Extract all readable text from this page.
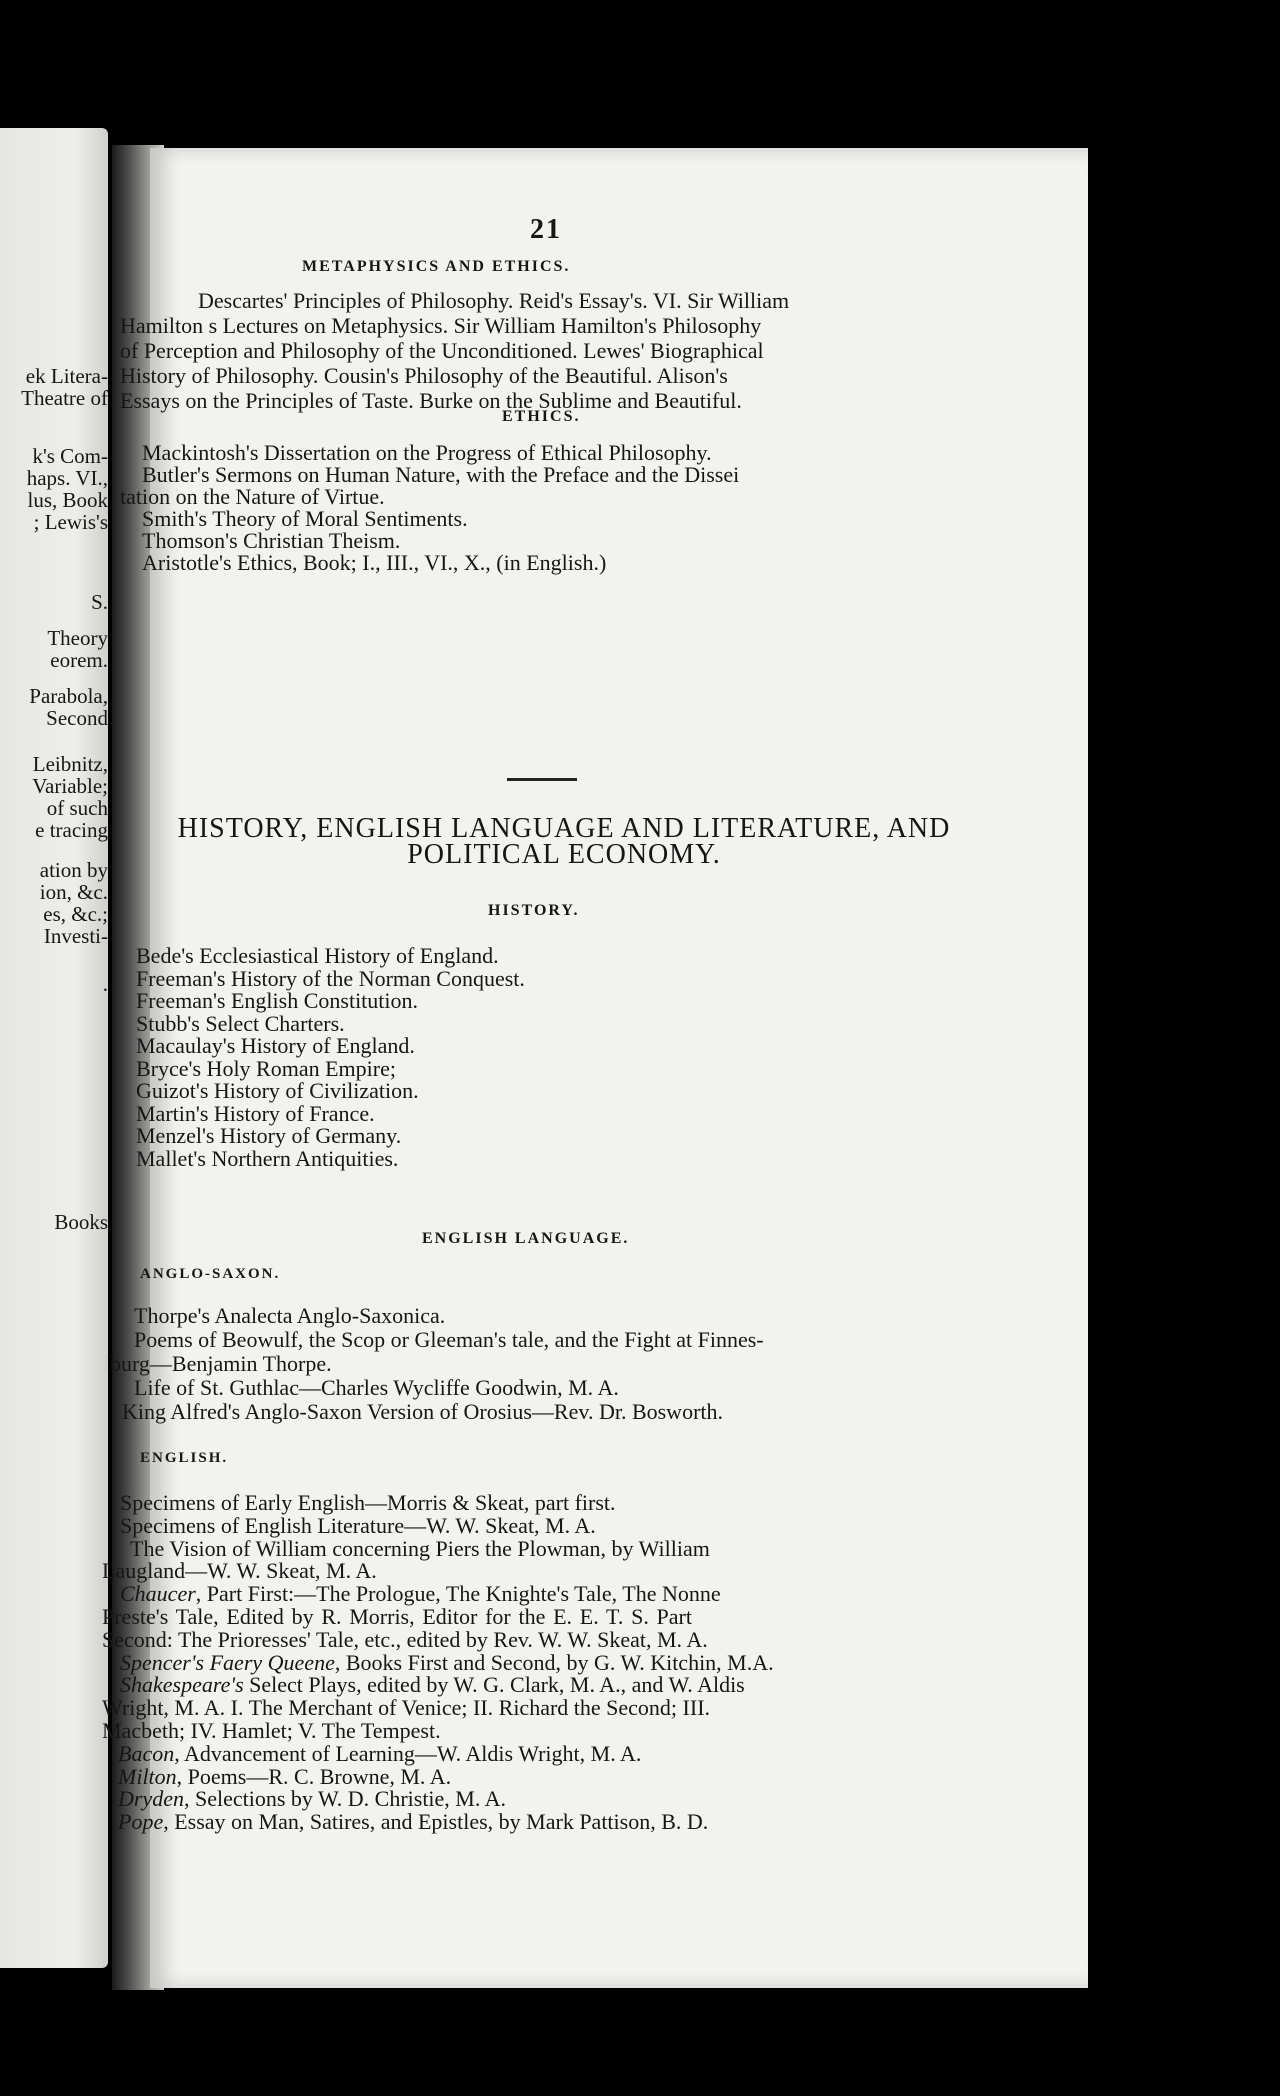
ek Litera-
Theatre of
k's Com-
haps. VI.,
lus, Book
; Lewis's
S.
Theory
eorem.
Parabola,
Second
Leibnitz,
Variable;
of such
e tracing
ation by
ion, &c.
es, &c.;
Investi-
.
Books
21
METAPHYSICS AND ETHICS.
Descartes' Principles of Philosophy. Reid's Essay's. VI. Sir William
Hamilton s Lectures on Metaphysics. Sir William Hamilton's Philosophy
of Perception and Philosophy of the Unconditioned. Lewes' Biographical
History of Philosophy. Cousin's Philosophy of the Beautiful. Alison's
Essays on the Principles of Taste. Burke on the Sublime and Beautiful.
ETHICS.
Mackintosh's Dissertation on the Progress of Ethical Philosophy.
Butler's Sermons on Human Nature, with the Preface and the Dissei
tation on the Nature of Virtue.
Smith's Theory of Moral Sentiments.
Thomson's Christian Theism.
Aristotle's Ethics, Book; I., III., VI., X., (in English.)
HISTORY, ENGLISH LANGUAGE AND LITERATURE, AND
POLITICAL ECONOMY.
HISTORY.
Bede's Ecclesiastical History of England.
Freeman's History of the Norman Conquest.
Freeman's English Constitution.
Stubb's Select Charters.
Macaulay's History of England.
Bryce's Holy Roman Empire;
Guizot's History of Civilization.
Martin's History of France.
Menzel's History of Germany.
Mallet's Northern Antiquities.
ENGLISH LANGUAGE.
ANGLO-SAXON.
Thorpe's Analecta Anglo-Saxonica.
Poems of Beowulf, the Scop or Gleeman's tale, and the Fight at Finnes-
burg—Benjamin Thorpe.
Life of St. Guthlac—Charles Wycliffe Goodwin, M. A.
King Alfred's Anglo-Saxon Version of Orosius—Rev. Dr. Bosworth.
ENGLISH.
Specimens of Early English—Morris & Skeat, part first.
Specimens of English Literature—W. W. Skeat, M. A.
The Vision of William concerning Piers the Plowman, by William
Laugland—W. W. Skeat, M. A.
Chaucer, Part First:—The Prologue, The Knighte's Tale, The Nonne
Preste's Tale, Edited by R. Morris, Editor for the E. E. T. S. Part
Second: The Prioresses' Tale, etc., edited by Rev. W. W. Skeat, M. A.
Spencer's Faery Queene, Books First and Second, by G. W. Kitchin, M.A.
Shakespeare's Select Plays, edited by W. G. Clark, M. A., and W. Aldis
Wright, M. A. I. The Merchant of Venice; II. Richard the Second; III.
Macbeth; IV. Hamlet; V. The Tempest.
Bacon, Advancement of Learning—W. Aldis Wright, M. A.
Milton, Poems—R. C. Browne, M. A.
Dryden, Selections by W. D. Christie, M. A.
Pope, Essay on Man, Satires, and Epistles, by Mark Pattison, B. D.
